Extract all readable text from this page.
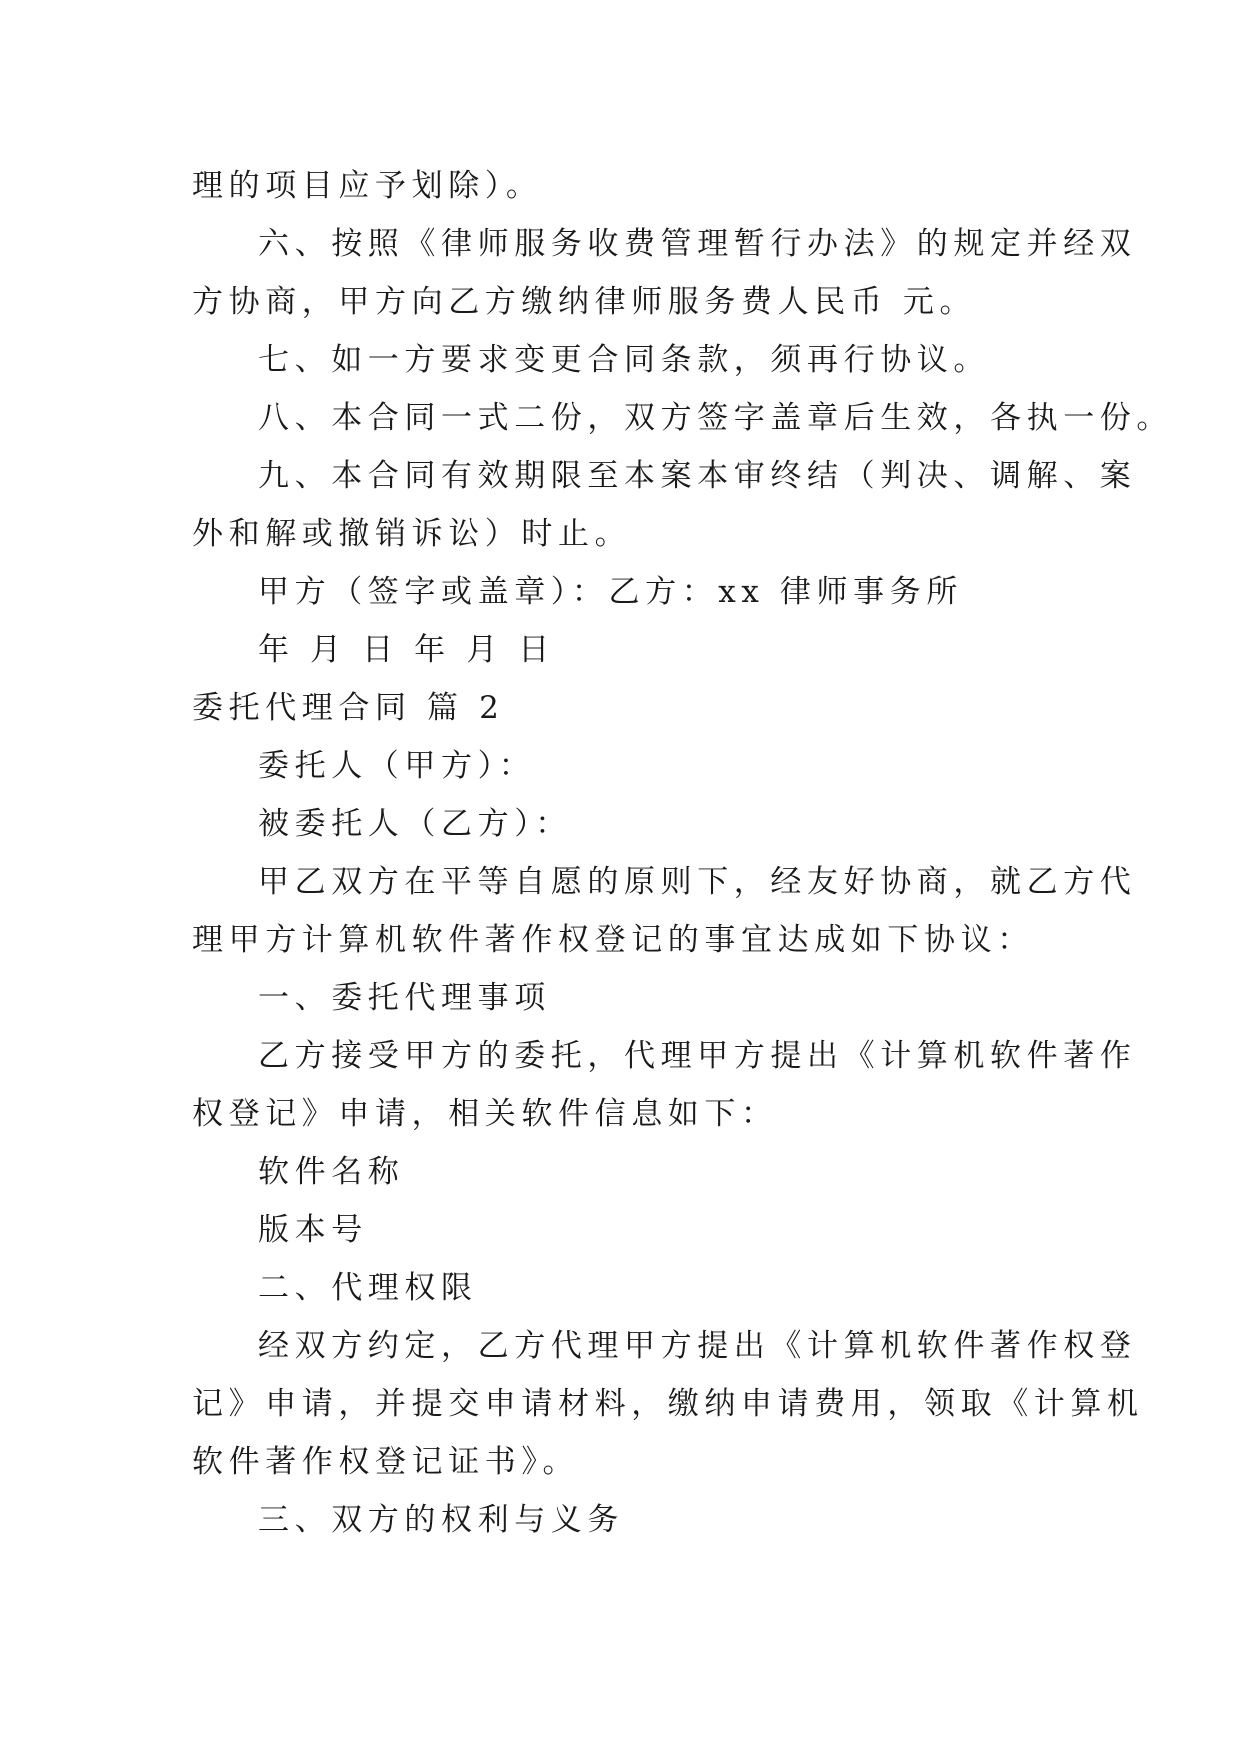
理的项目应予划除）。
六、按照《律师服务收费管理暂行办法》的规定并经双
方协商，甲方向乙方缴纳律师服务费人民币 元。
七、如一方要求变更合同条款，须再行协议。
八、本合同一式二份，双方签字盖章后生效，各执一份。
九、本合同有效期限至本案本审终结（判决、调解、案
外和解或撤销诉讼）时止。
甲方（签字或盖章）：乙方：xx 律师事务所
年 月 日 年 月 日
委托代理合同 篇 2
委托人（甲方）：
被委托人（乙方）：
甲乙双方在平等自愿的原则下，经友好协商，就乙方代
理甲方计算机软件著作权登记的事宜达成如下协议：
一、委托代理事项
乙方接受甲方的委托，代理甲方提出《计算机软件著作
权登记》申请，相关软件信息如下：
软件名称
版本号
二、代理权限
经双方约定，乙方代理甲方提出《计算机软件著作权登
记》申请，并提交申请材料，缴纳申请费用，领取《计算机
软件著作权登记证书》。
三、双方的权利与义务
